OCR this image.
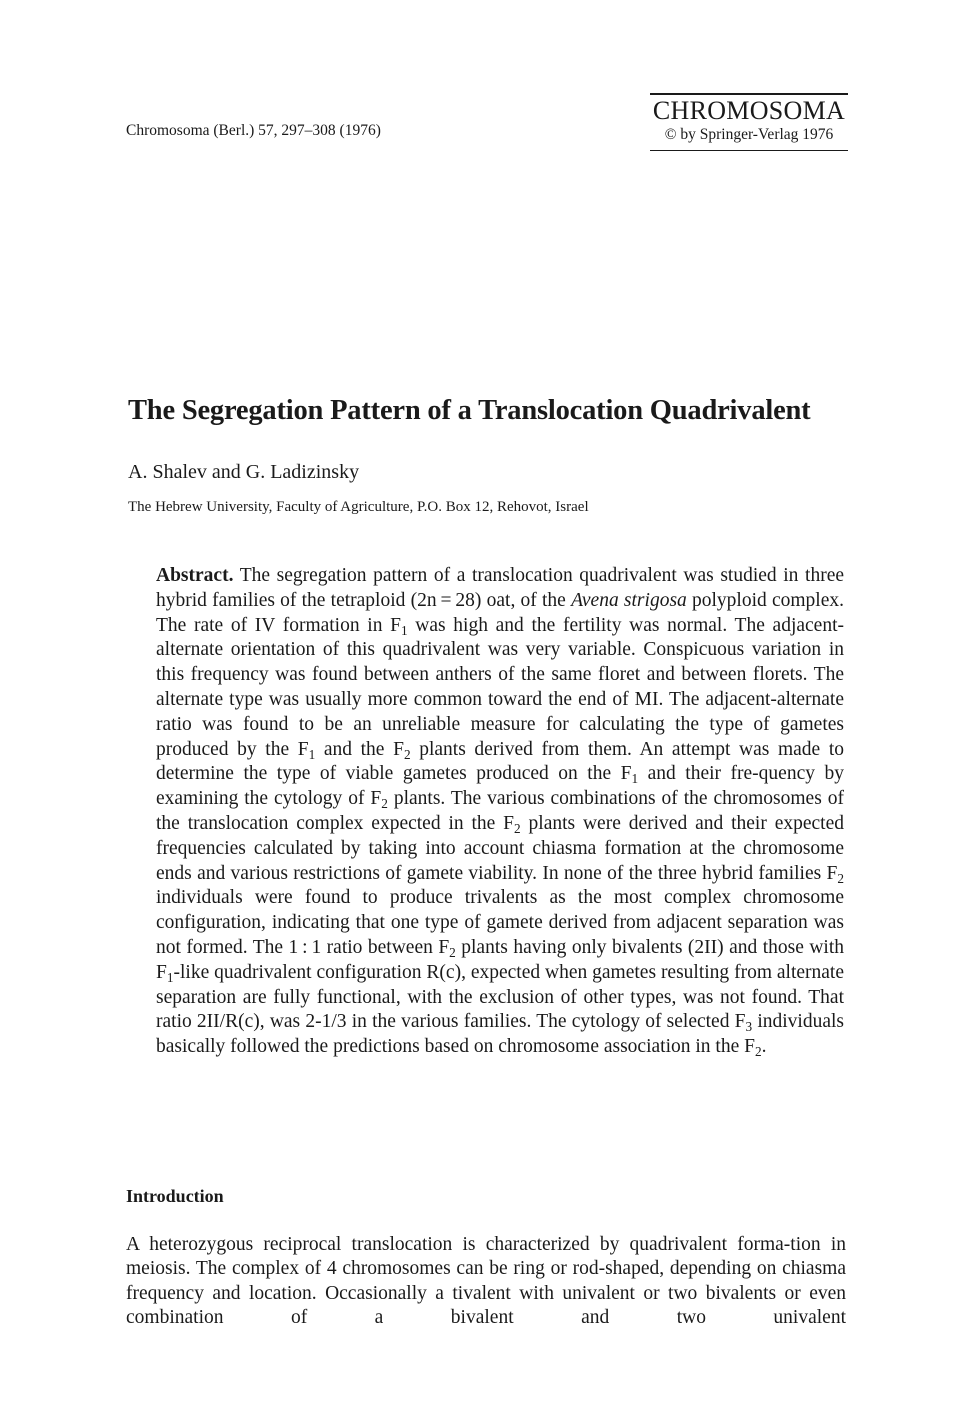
Chromosoma (Berl.) 57, 297–308 (1976)
CHROMOSOMA
© by Springer-Verlag 1976
The Segregation Pattern of a Translocation Quadrivalent
A. Shalev and G. Ladizinsky
The Hebrew University, Faculty of Agriculture, P.O. Box 12, Rehovot, Israel

Abstract. The segregation pattern of a translocation quadrivalent was studied in three hybrid families of the tetraploid (2n = 28) oat, of the Avena strigosa polyploid complex. The rate of IV formation in $F_1$ was high and the fertility was normal. The adjacent-alternate orientation of this quadrivalent was very variable. Conspicuous variation in this frequency was found between anthers of the same floret and between florets. The alternate type was usually more common toward the end of MI. The adjacent-alternate ratio was found to be an unreliable measure for calculating the type of gametes produced by the $F_1$ and the $F_2$ plants derived from them. An attempt was made to determine the type of viable gametes produced on the $F_1$ and their fre-quency by examining the cytology of $F_2$ plants. The various combinations of the chromosomes of the translocation complex expected in the $F_2$ plants were derived and their expected frequencies calculated by taking into account chiasma formation at the chromosome ends and various restrictions of gamete viability. In none of the three hybrid families $F_2$ individuals were found to produce trivalents as the most complex chromosome configuration, indicating that one type of gamete derived from adjacent separation was not formed. The 1 : 1 ratio between $F_2$ plants having only bivalents (2II) and those with $F_1$-like quadrivalent configuration R(c), expected when gametes resulting from alternate separation are fully functional, with the exclusion of other types, was not found. That ratio 2II/R(c), was 2-1/3 in the various families. The cytology of selected $F_3$ individuals basically followed the predictions based on chromosome association in the $F_2$.

Introduction

A heterozygous reciprocal translocation is characterized by quadrivalent forma-tion in meiosis. The complex of 4 chromosomes can be ring or rod-shaped, depending on chiasma frequency and location. Occasionally a tivalent with univalent or two bivalents or even combination of a bivalent and two univalent
